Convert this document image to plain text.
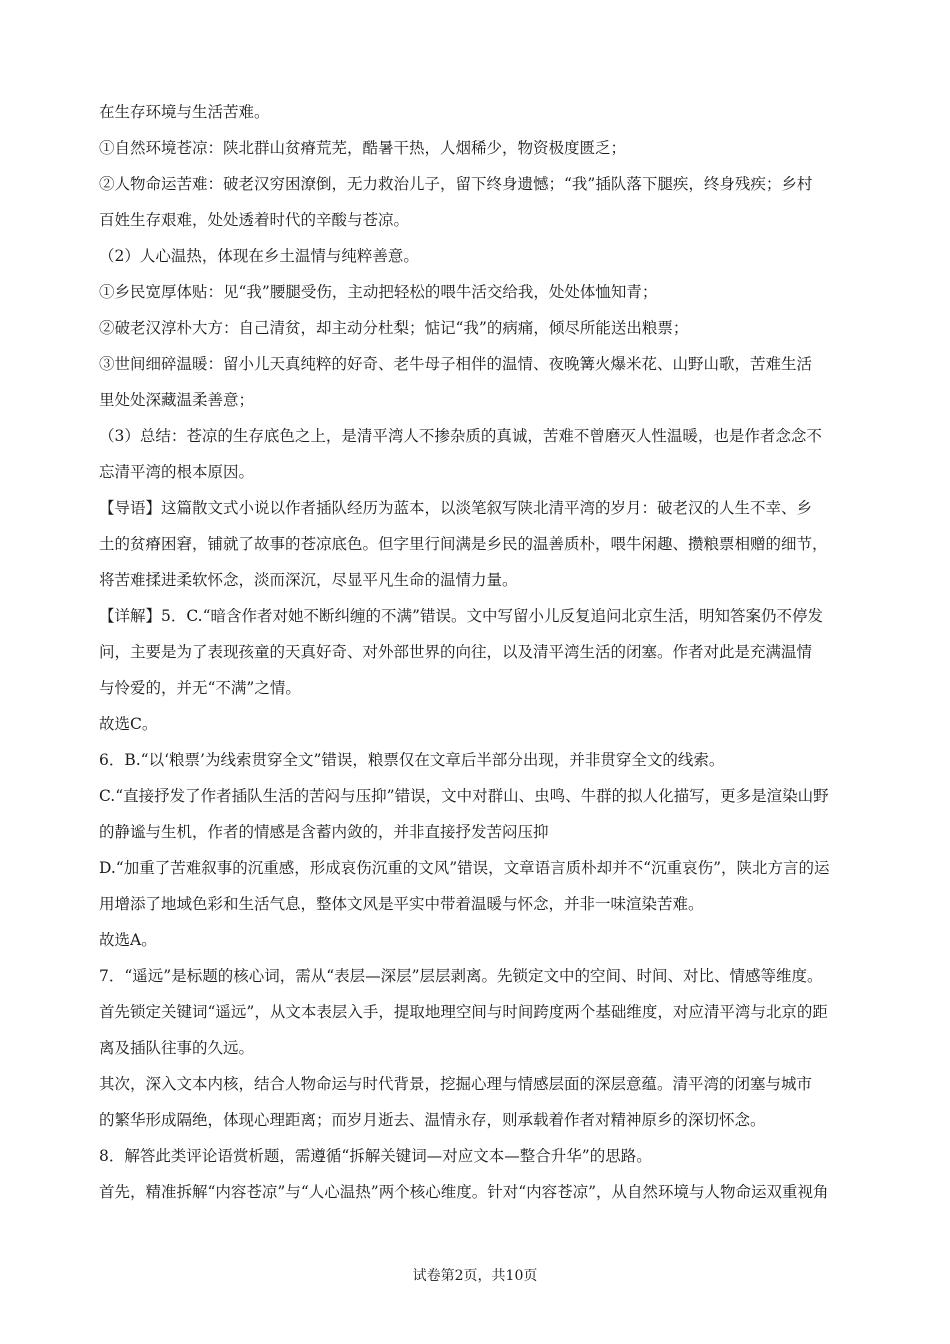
在生存环境与生活苦难。
①自然环境苍凉：陕北群山贫瘠荒芜，酷暑干热，人烟稀少，物资极度匮乏；
②人物命运苦难：破老汉穷困潦倒，无力救治儿子，留下终身遗憾；“我”插队落下腿疾，终身残疾；乡村
百姓生存艰难，处处透着时代的辛酸与苍凉。
（2）人心温热，体现在乡土温情与纯粹善意。
①乡民宽厚体贴：见“我”腰腿受伤，主动把轻松的喂牛活交给我，处处体恤知青；
②破老汉淳朴大方：自己清贫，却主动分杜梨；惦记“我”的病痛，倾尽所能送出粮票；
③世间细碎温暖：留小儿天真纯粹的好奇、老牛母子相伴的温情、夜晚篝火爆米花、山野山歌，苦难生活
里处处深藏温柔善意；
（3）总结：苍凉的生存底色之上，是清平湾人不掺杂质的真诚，苦难不曾磨灭人性温暖，也是作者念念不
忘清平湾的根本原因。
【导语】这篇散文式小说以作者插队经历为蓝本，以淡笔叙写陕北清平湾的岁月：破老汉的人生不幸、乡
土的贫瘠困窘，铺就了故事的苍凉底色。但字里行间满是乡民的温善质朴，喂牛闲趣、攒粮票相赠的细节，
将苦难揉进柔软怀念，淡而深沉，尽显平凡生命的温情力量。
【详解】5．C.“暗含作者对她不断纠缠的不满”错误。文中写留小儿反复追问北京生活，明知答案仍不停发
问，主要是为了表现孩童的天真好奇、对外部世界的向往，以及清平湾生活的闭塞。作者对此是充满温情
与怜爱的，并无“不满”之情。
故选C。
6．B.“以‘粮票’为线索贯穿全文”错误，粮票仅在文章后半部分出现，并非贯穿全文的线索。
C.“直接抒发了作者插队生活的苦闷与压抑”错误，文中对群山、虫鸣、牛群的拟人化描写，更多是渲染山野
的静谧与生机，作者的情感是含蓄内敛的，并非直接抒发苦闷压抑
D.“加重了苦难叙事的沉重感，形成哀伤沉重的文风”错误，文章语言质朴却并不“沉重哀伤”，陕北方言的运
用增添了地域色彩和生活气息，整体文风是平实中带着温暖与怀念，并非一味渲染苦难。
故选A。
7．“遥远”是标题的核心词，需从“表层—深层”层层剥离。先锁定文中的空间、时间、对比、情感等维度。
首先锁定关键词“遥远”，从文本表层入手，提取地理空间与时间跨度两个基础维度，对应清平湾与北京的距
离及插队往事的久远。
其次，深入文本内核，结合人物命运与时代背景，挖掘心理与情感层面的深层意蕴。清平湾的闭塞与城市
的繁华形成隔绝，体现心理距离；而岁月逝去、温情永存，则承载着作者对精神原乡的深切怀念。
8．解答此类评论语赏析题，需遵循“拆解关键词—对应文本—整合升华”的思路。
首先，精准拆解“内容苍凉”与“人心温热”两个核心维度。针对“内容苍凉”，从自然环境与人物命运双重视角
试卷第2页，共10页
